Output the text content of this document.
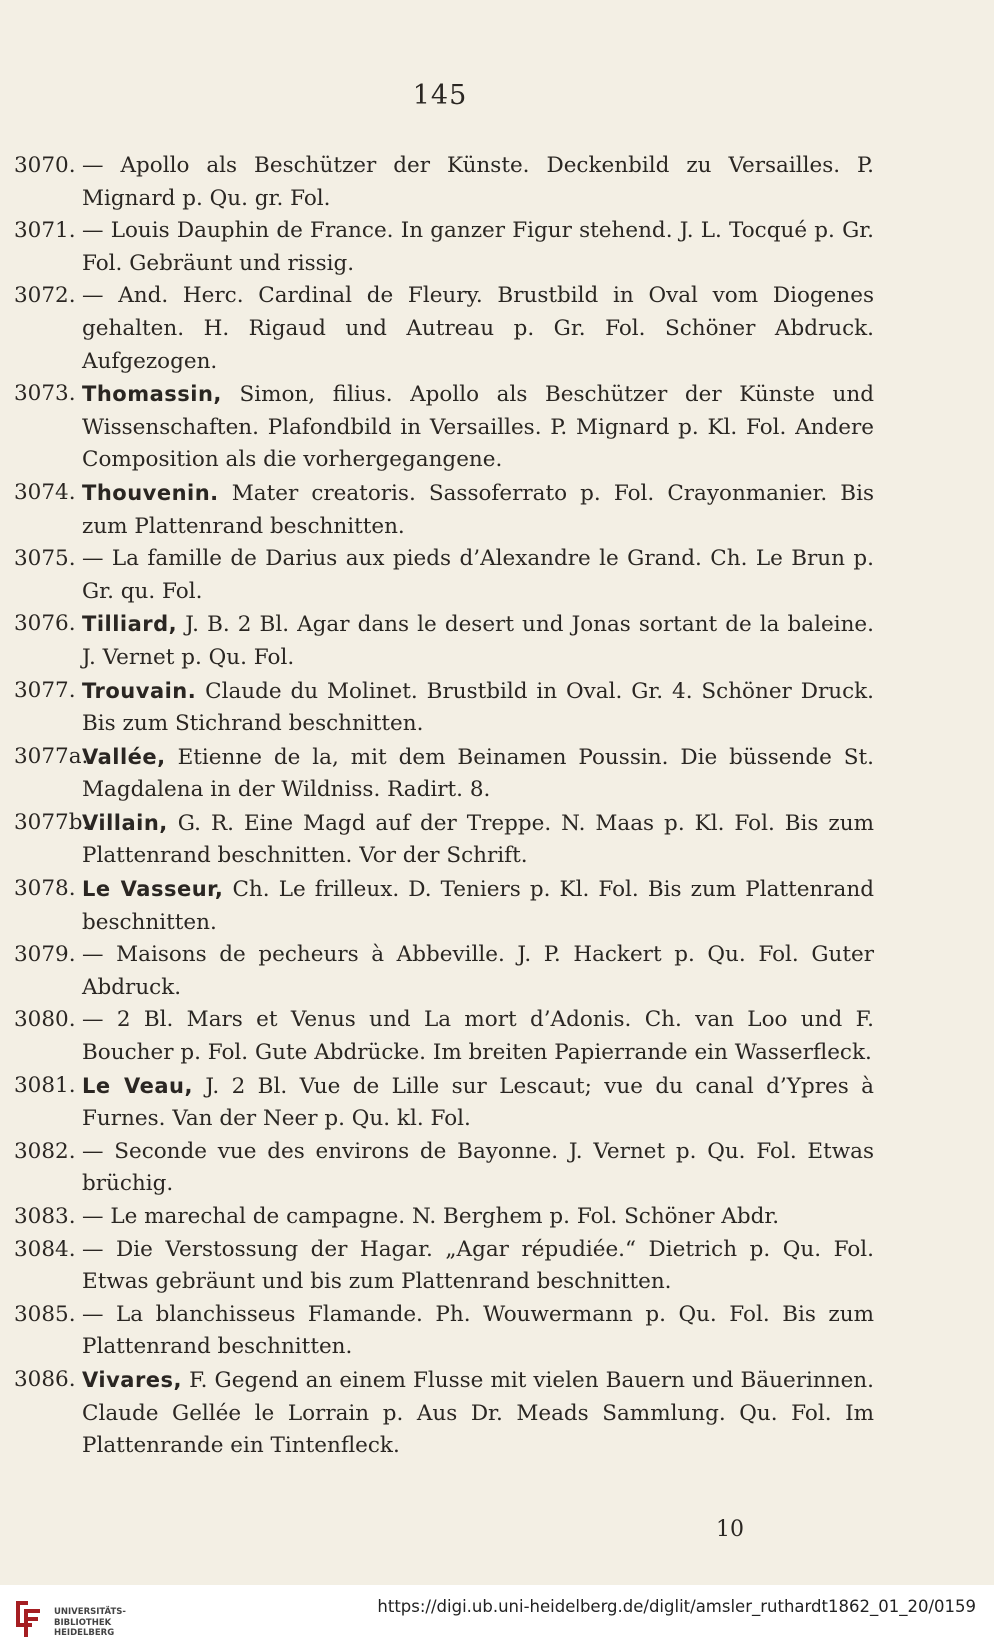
145
3070. — Apollo als Beschützer der Künste. Deckenbild zu Versailles. P. Mignard p. Qu. gr. Fol.
3071. — Louis Dauphin de France. In ganzer Figur stehend. J. L. Tocqué p. Gr. Fol. Gebräunt und rissig.
3072. — And. Herc. Cardinal de Fleury. Brustbild in Oval vom Diogenes gehalten. H. Rigaud und Autreau p. Gr. Fol. Schöner Abdruck. Aufgezogen.
3073. Thomassin, Simon, filius. Apollo als Beschützer der Künste und Wissenschaften. Plafondbild in Versailles. P. Mignard p. Kl. Fol. Andere Composition als die vorhergegangene.
3074. Thouvenin. Mater creatoris. Sassoferrato p. Fol. Crayonmanier. Bis zum Plattenrand beschnitten.
3075. — La famille de Darius aux pieds d’Alexandre le Grand. Ch. Le Brun p. Gr. qu. Fol.
3076. Tilliard, J. B. 2 Bl. Agar dans le desert und Jonas sortant de la baleine. J. Vernet p. Qu. Fol.
3077. Trouvain. Claude du Molinet. Brustbild in Oval. Gr. 4. Schöner Druck. Bis zum Stichrand beschnitten.
3077a.
Vallée, Etienne de la, mit dem Beinamen Poussin. Die büssende St. Magdalena in der Wildniss. Radirt. 8.
3077b.
Villain, G. R. Eine Magd auf der Treppe. N. Maas p. Kl. Fol. Bis zum Plattenrand beschnitten. Vor der Schrift.
3078. Le Vasseur, Ch. Le frilleux. D. Teniers p. Kl. Fol. Bis zum Plattenrand beschnitten.
3079. — Maisons de pecheurs à Abbeville. J. P. Hackert p. Qu. Fol. Guter Abdruck.
3080. — 2 Bl. Mars et Venus und La mort d’Adonis. Ch. van Loo und F. Boucher p. Fol. Gute Abdrücke. Im breiten Papierrande ein Wasserfleck.
3081. Le Veau, J. 2 Bl. Vue de Lille sur Lescaut; vue du canal d’Ypres à Furnes. Van der Neer p. Qu. kl. Fol.
3082. — Seconde vue des environs de Bayonne. J. Vernet p. Qu. Fol. Etwas brüchig.
3083. — Le marechal de campagne. N. Berghem p. Fol. Schöner Abdr.
3084. — Die Verstossung der Hagar. „Agar répudiée.“ Dietrich p. Qu. Fol. Etwas gebräunt und bis zum Plattenrand beschnitten.
3085. — La blanchisseus Flamande. Ph. Wouwermann p. Qu. Fol. Bis zum Plattenrand beschnitten.
3086. Vivares, F. Gegend an einem Flusse mit vielen Bauern und Bäuerinnen. Claude Gellée le Lorrain p. Aus Dr. Meads Sammlung. Qu. Fol. Im Plattenrande ein Tintenfleck.
10
UNIVERSITÄTS-
BIBLIOTHEK
HEIDELBERG
https://digi.ub.uni-heidelberg.de/diglit/amsler_ruthardt1862_01_20/0159
